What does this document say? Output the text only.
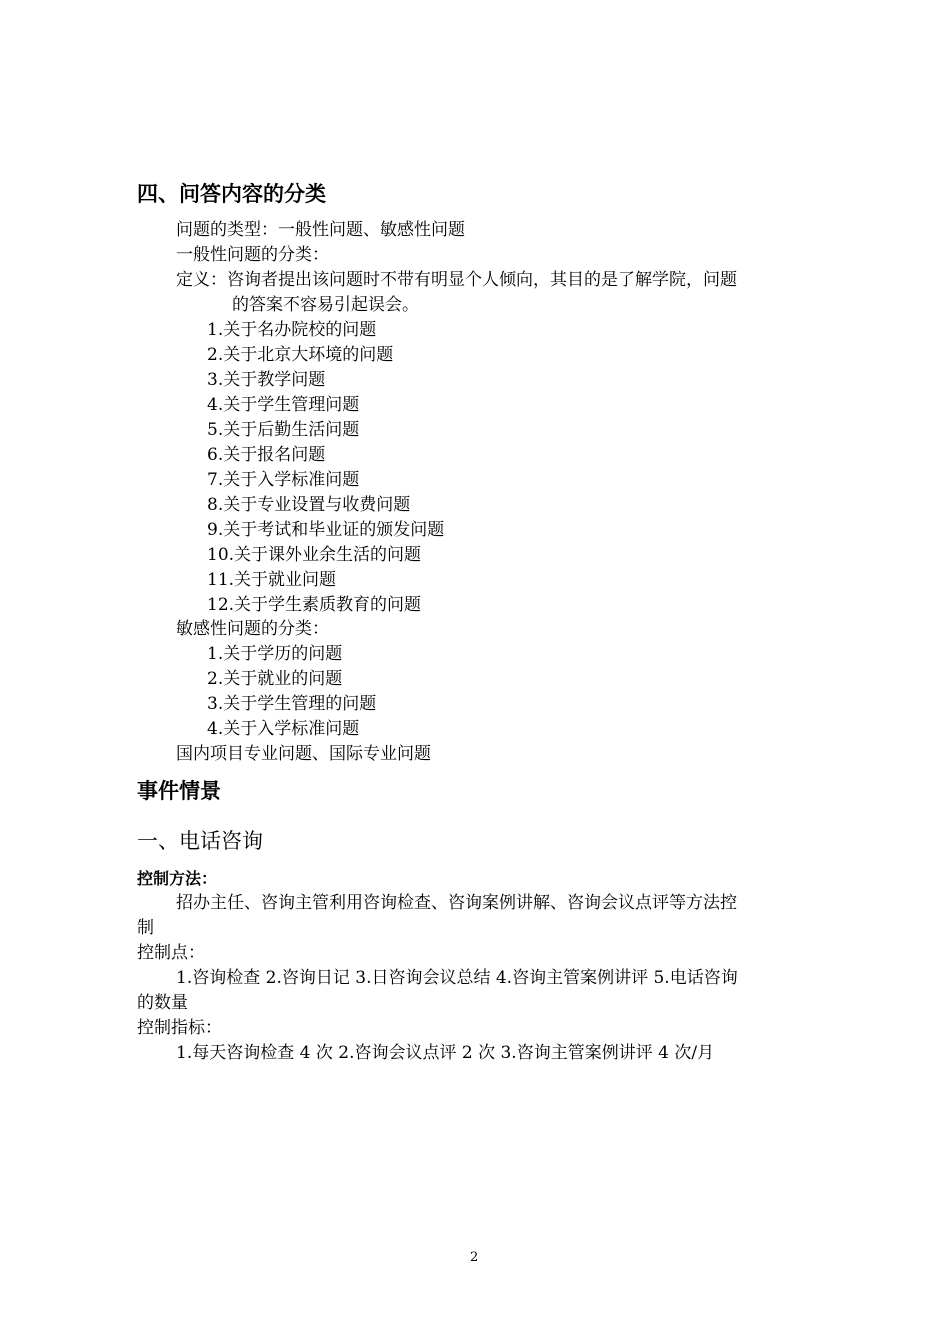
四、问答内容的分类
问题的类型：一般性问题、敏感性问题
一般性问题的分类：
定义：咨询者提出该问题时不带有明显个人倾向，其目的是了解学院，问题
的答案不容易引起误会。
1.关于名办院校的问题
2.关于北京大环境的问题
3.关于教学问题
4.关于学生管理问题
5.关于后勤生活问题
6.关于报名问题
7.关于入学标准问题
8.关于专业设置与收费问题
9.关于考试和毕业证的颁发问题
10.关于课外业余生活的问题
11.关于就业问题
12.关于学生素质教育的问题
敏感性问题的分类：
1.关于学历的问题
2.关于就业的问题
3.关于学生管理的问题
4.关于入学标准问题
国内项目专业问题、国际专业问题
事件情景
一、电话咨询
控制方法：
招办主任、咨询主管利用咨询检查、咨询案例讲解、咨询会议点评等方法控
制
控制点：
1.咨询检查 2.咨询日记 3.日咨询会议总结 4.咨询主管案例讲评 5.电话咨询
的数量
控制指标：
1.每天咨询检查 4 次 2.咨询会议点评 2 次 3.咨询主管案例讲评 4 次/月
2
